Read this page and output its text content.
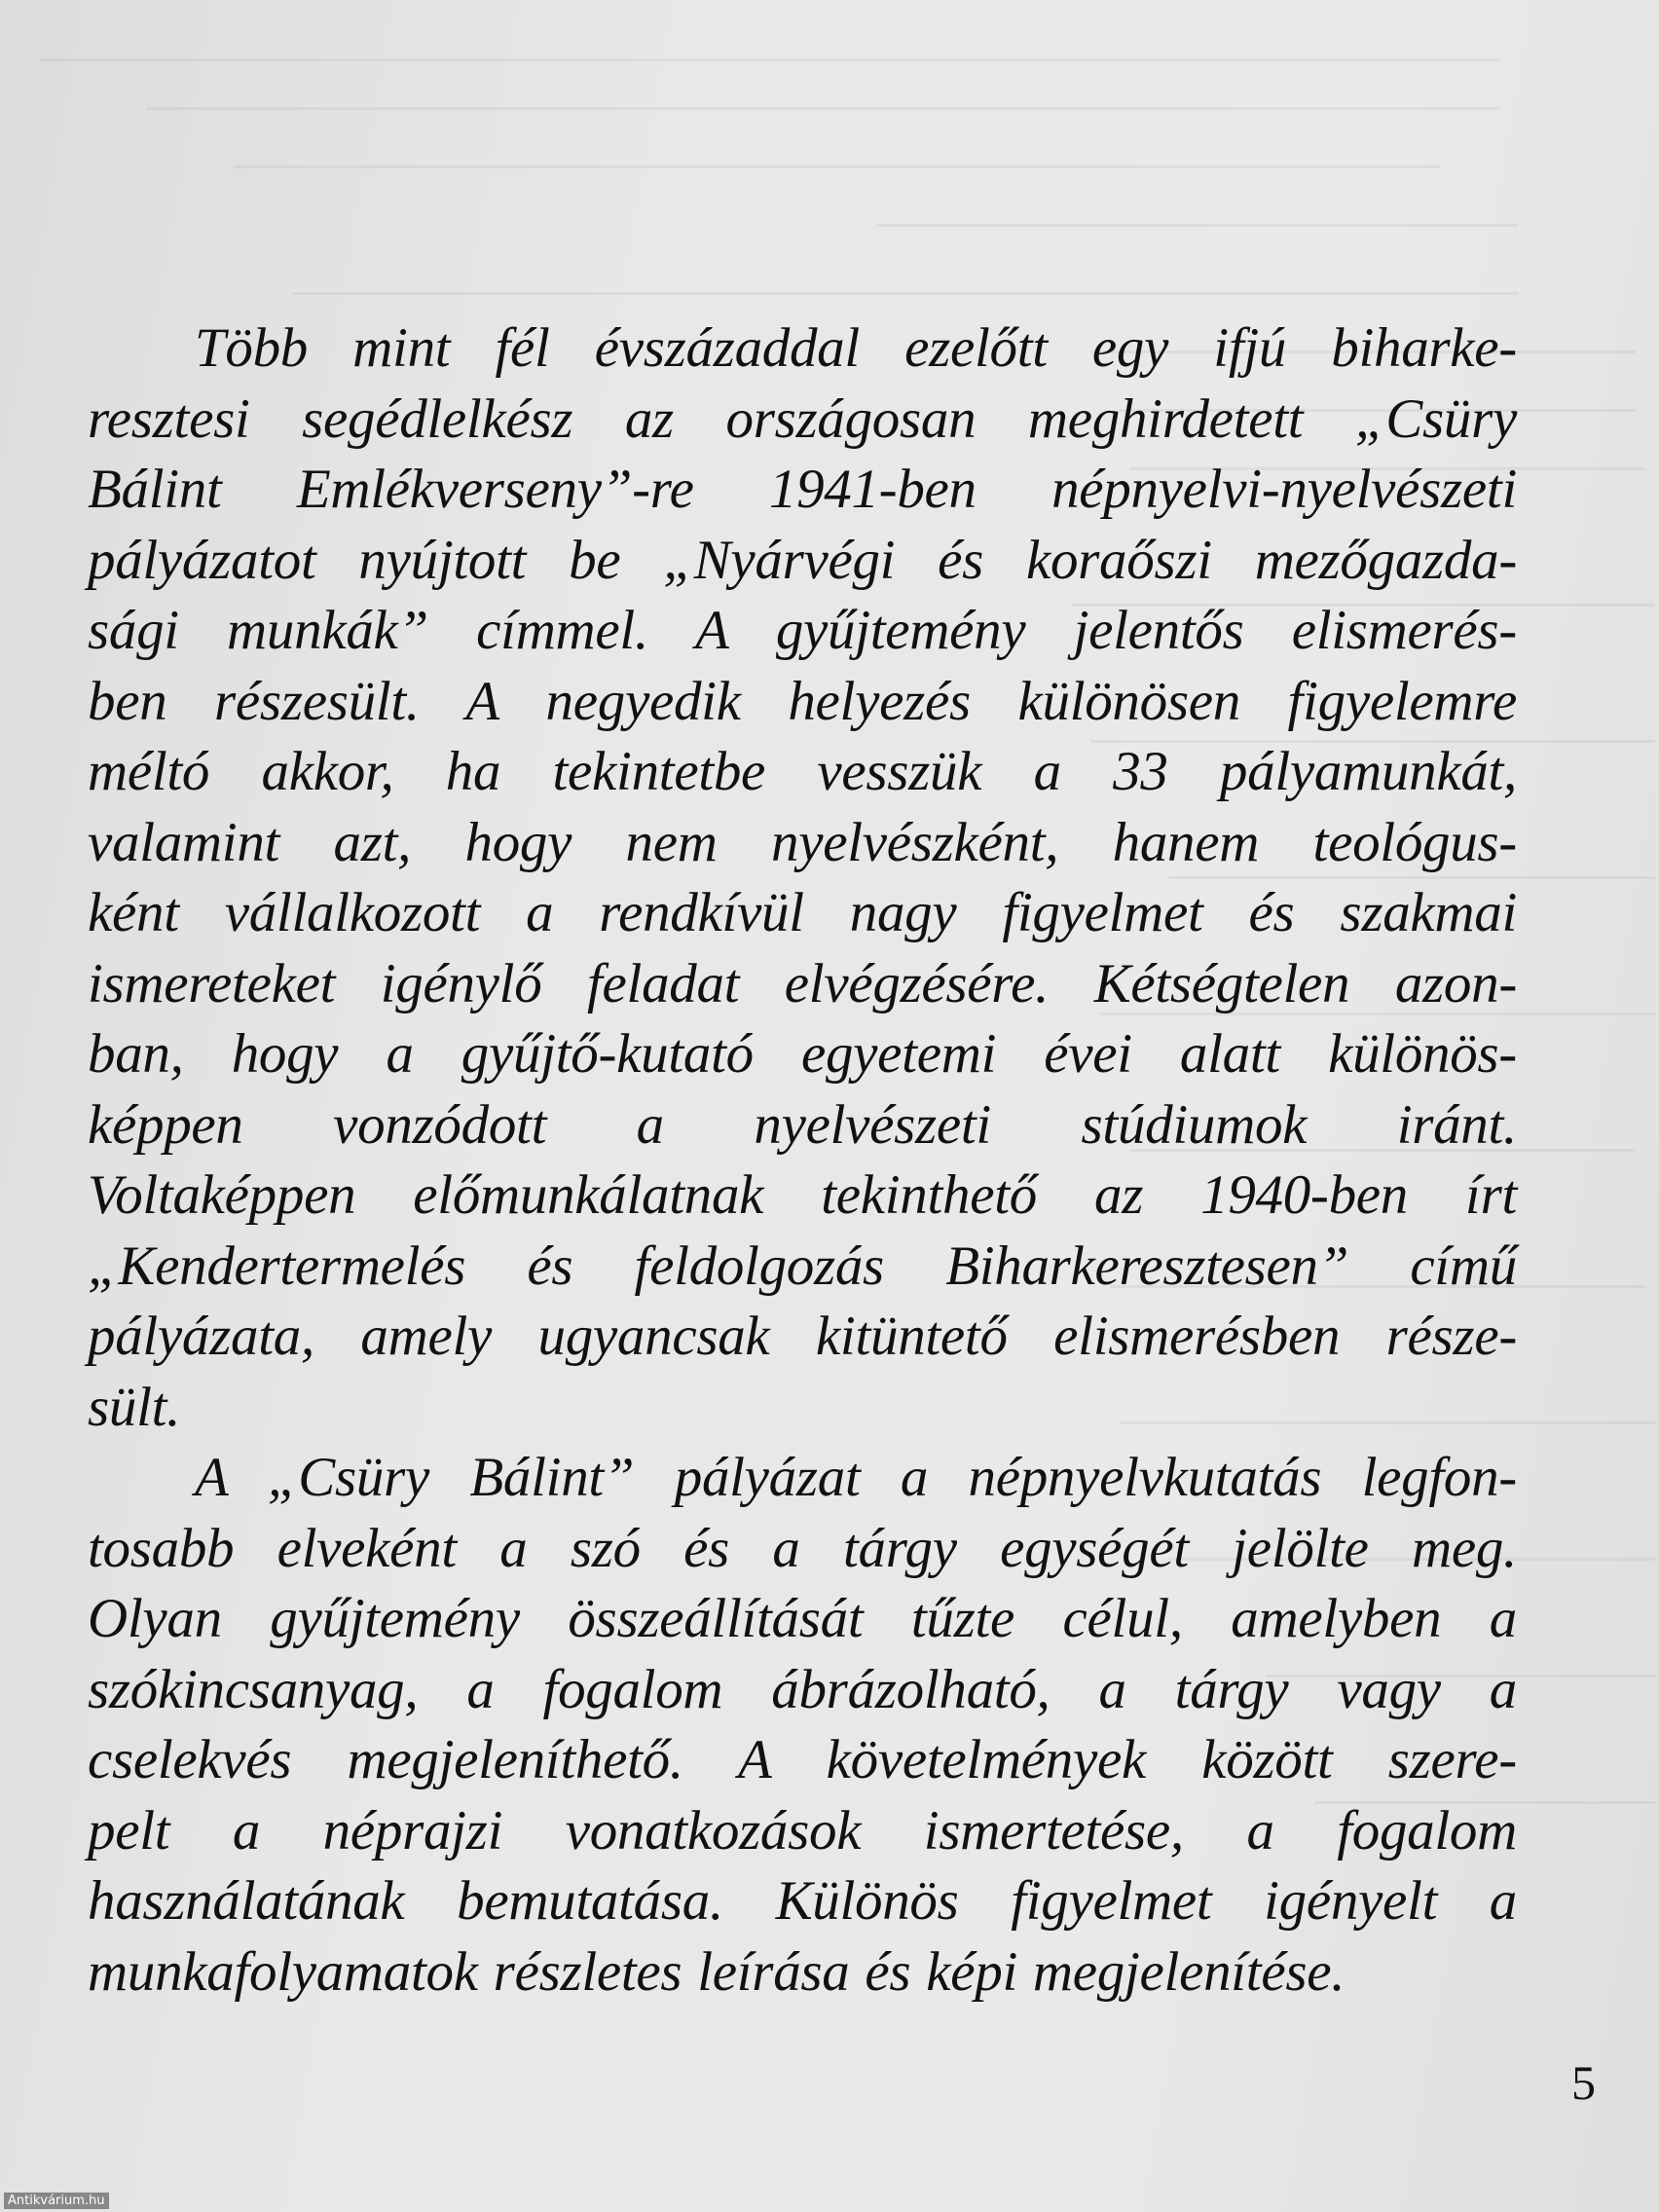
Több mint fél évszázaddal ezelőtt egy ifjú biharke-
resztesi segédlelkész az országosan meghirdetett „Csüry
Bálint Emlékverseny”-re 1941-ben népnyelvi-nyelvészeti
pályázatot nyújtott be „Nyárvégi és koraőszi mezőgazda-
sági munkák” címmel. A gyűjtemény jelentős elismerés-
ben részesült. A negyedik helyezés különösen figyelemre
méltó akkor, ha tekintetbe vesszük a 33 pályamunkát,
valamint azt, hogy nem nyelvészként, hanem teológus-
ként vállalkozott a rendkívül nagy figyelmet és szakmai
ismereteket igénylő feladat elvégzésére. Kétségtelen azon-
ban, hogy a gyűjtő-kutató egyetemi évei alatt különös-
képpen vonzódott a nyelvészeti stúdiumok iránt.
Voltaképpen előmunkálatnak tekinthető az 1940-ben írt
„Kendertermelés és feldolgozás Biharkeresztesen” című
pályázata, amely ugyancsak kitüntető elismerésben része-
sült.

A „Csüry Bálint” pályázat a népnyelvkutatás legfon-
tosabb elveként a szó és a tárgy egységét jelölte meg.
Olyan gyűjtemény összeállítását tűzte célul, amelyben a
szókincsanyag, a fogalom ábrázolható, a tárgy vagy a
cselekvés megjeleníthető. A követelmények között szere-
pelt a néprajzi vonatkozások ismertetése, a fogalom
használatának bemutatása. Különös figyelmet igényelt a
munkafolyamatok részletes leírása és képi megjelenítése.

5
Antikvárium.hu
